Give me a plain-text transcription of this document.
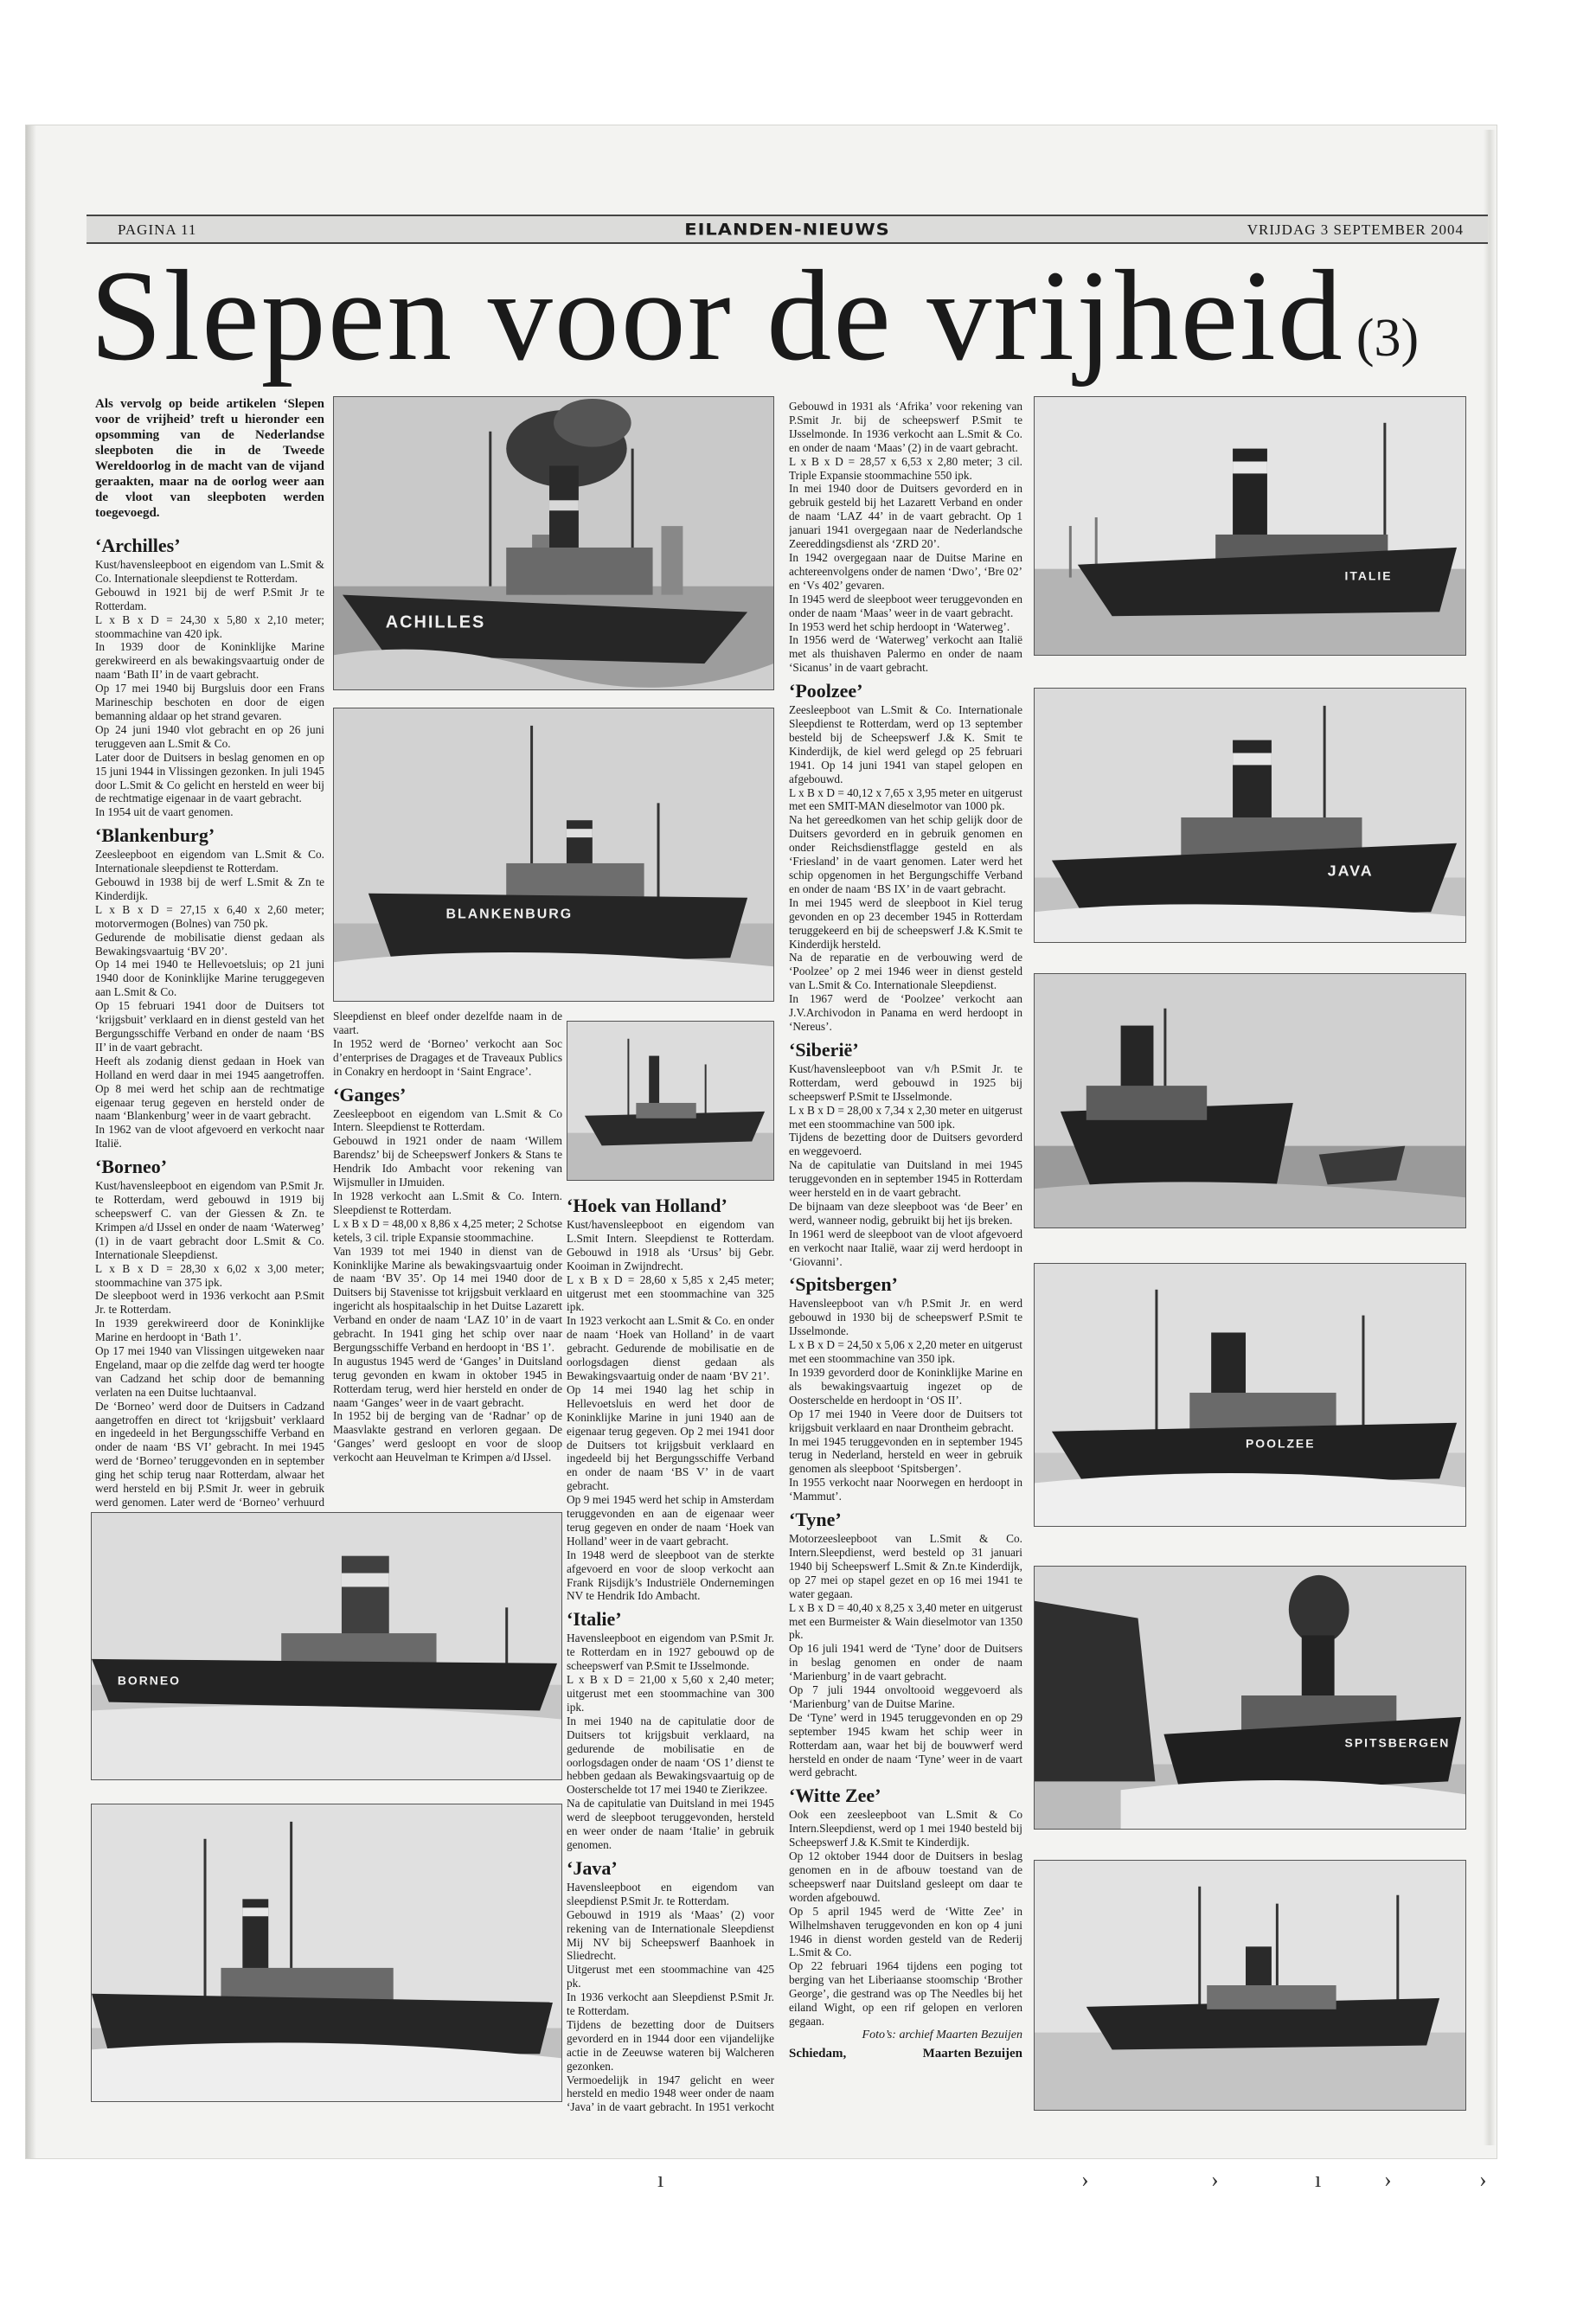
PAGINA 11	EILANDEN-NIEUWS	VRIJDAG 3 SEPTEMBER 2004
Slepen voor de vrijheid (3)

Als vervolg op beide artikelen ‘Slepen voor de vrijheid’ treft u hieronder een opsomming van de Nederlandse sleepboten die in de Tweede Wereldoorlog in de macht van de vijand geraakten, maar na de oorlog weer aan de vloot van sleepboten werden toegevoegd.

‘Archilles’

Kust/havensleepboot en eigendom van L.Smit & Co. Internationale sleepdienst te Rotterdam.

Gebouwd in 1921 bij de werf P.Smit Jr te Rotterdam.

L x B x D = 24,30 x 5,80 x 2,10 meter; stoommachine van 420 ipk.

In 1939 door de Koninklijke Marine gerekwireerd en als bewakingsvaartuig onder de naam ‘Bath II’ in de vaart gebracht.

Op 17 mei 1940 bij Burgsluis door een Frans Marineschip beschoten en door de eigen bemanning aldaar op het strand gevaren.

Op 24 juni 1940 vlot gebracht en op 26 juni teruggeven aan L.Smit & Co.

Later door de Duitsers in beslag genomen en op 15 juni 1944 in Vlissingen gezonken. In juli 1945 door L.Smit & Co gelicht en hersteld en weer bij de rechtmatige eigenaar in de vaart gebracht.

In 1954 uit de vaart genomen.

‘Blankenburg’

Zeesleepboot en eigendom van L.Smit & Co. Internationale sleepdienst te Rotterdam.

Gebouwd in 1938 bij de werf L.Smit & Zn te Kinderdijk.

L x B x D = 27,15 x 6,40 x 2,60 meter; motorvermogen (Bolnes) van 750 pk.

Gedurende de mobilisatie dienst gedaan als Bewakingsvaartuig ‘BV 20’.

Op 14 mei 1940 te Hellevoetsluis; op 21 juni 1940 door de Koninklijke Marine teruggegeven aan L.Smit & Co.

Op 15 februari 1941 door de Duitsers tot ‘krijgsbuit’ verklaard en in dienst gesteld van het Bergungsschiffe Verband en onder de naam ‘BS II’ in de vaart gebracht.

Heeft als zodanig dienst gedaan in Hoek van Holland en werd daar in mei 1945 aangetroffen. Op 8 mei werd het schip aan de rechtmatige eigenaar terug gegeven en hersteld onder de naam ‘Blankenburg’ weer in de vaart gebracht.

In 1962 van de vloot afgevoerd en verkocht naar Italië.

‘Borneo’

Kust/havensleepboot en eigendom van P.Smit Jr. te Rotterdam, werd gebouwd in 1919 bij scheepswerf C. van der Giessen & Zn. te Krimpen a/d IJssel en onder de naam ‘Waterweg’ (1) in de vaart gebracht door L.Smit & Co. Internationale Sleepdienst.

L x B x D = 28,30 x 6,02 x 3,00 meter; stoommachine van 375 ipk.

De sleepboot werd in 1936 verkocht aan P.Smit Jr. te Rotterdam.

In 1939 gerekwireerd door de Koninklijke Marine en herdoopt in ‘Bath 1’.

Op 17 mei 1940 van Vlissingen uitgeweken naar Engeland, maar op die zelfde dag werd ter hoogte van Cadzand het schip door de bemanning verlaten na een Duitse luchtaanval.

De ‘Borneo’ werd door de Duitsers in Cadzand aangetroffen en direct tot ‘krijgsbuit’ verklaard en ingedeeld in het Bergungsschiffe Verband en onder de naam ‘BS VI’ gebracht. In mei 1945 werd de ‘Borneo’ teruggevonden en in september ging het schip terug naar Rotterdam, alwaar het werd hersteld en bij P.Smit Jr. weer in gebruik werd genomen. Later werd de ‘Borneo’ verhuurd

Sleepdienst en bleef onder dezelfde naam in de vaart.

In 1952 werd de ‘Borneo’ verkocht aan Soc d’enterprises de Dragages et de Traveaux Publics in Conakry en herdoopt in ‘Saint Engrace’.

‘Ganges’

Zeesleepboot en eigendom van L.Smit & Co Intern. Sleepdienst te Rotterdam.

Gebouwd in 1921 onder de naam ‘Willem Barendsz’ bij de Scheepswerf Jonkers & Stans te Hendrik Ido Ambacht voor rekening van Wijsmuller in IJmuiden.

In 1928 verkocht aan L.Smit & Co. Intern. Sleepdienst te Rotterdam.

L x B x D = 48,00 x 8,86 x 4,25 meter; 2 Schotse ketels, 3 cil. triple Expansie stoommachine.

Van 1939 tot mei 1940 in dienst van de Koninklijke Marine als bewakingsvaartuig onder de naam ‘BV 35’. Op 14 mei 1940 door de Duitsers bij Stavenisse tot krijgsbuit verklaard en ingericht als hospitaalschip in het Duitse Lazarett Verband en onder de naam ‘LAZ 10’ in de vaart gebracht. In 1941 ging het schip over naar Bergungsschiffe Verband en herdoopt in ‘BS 1’.

In augustus 1945 werd de ‘Ganges’ in Duitsland terug gevonden en kwam in oktober 1945 in Rotterdam terug, werd hier hersteld en onder de naam ‘Ganges’ weer in de vaart gebracht.

In 1952 bij de berging van de ‘Radnar’ op de Maasvlakte gestrand en verloren gegaan. De ‘Ganges’ werd gesloopt en voor de sloop verkocht aan Heuvelman te Krimpen a/d IJssel.

‘Hoek van Holland’

Kust/havensleepboot en eigendom van L.Smit Intern. Sleepdienst te Rotterdam. Gebouwd in 1918 als ‘Ursus’ bij Gebr. Kooiman in Zwijndrecht.

L x B x D = 28,60 x 5,85 x 2,45 meter; uitgerust met een stoommachine van 325 ipk.

In 1923 verkocht aan L.Smit & Co. en onder de naam ‘Hoek van Holland’ in de vaart gebracht. Gedurende de mobilisatie en de oorlogsdagen dienst gedaan als Bewakingsvaartuig onder de naam ‘BV 21’.

Op 14 mei 1940 lag het schip in Hellevoetsluis en werd het door de Koninklijke Marine in juni 1940 aan de eigenaar terug gegeven. Op 2 mei 1941 door de Duitsers tot krijgsbuit verklaard en ingedeeld bij het Bergungsschiffe Verband en onder de naam ‘BS V’ in de vaart gebracht.

Op 9 mei 1945 werd het schip in Amsterdam teruggevonden en aan de eigenaar weer terug gegeven en onder de naam ‘Hoek van Holland’ weer in de vaart gebracht.

In 1948 werd de sleepboot van de sterkte afgevoerd en voor de sloop verkocht aan Frank Rijsdijk’s Industriële Ondernemingen NV te Hendrik Ido Ambacht.

‘Italie’

Havensleepboot en eigendom van P.Smit Jr. te Rotterdam en in 1927 gebouwd op de scheepswerf van P.Smit te IJsselmonde.

L x B x D = 21,00 x 5,60 x 2,40 meter; uitgerust met een stoommachine van 300 ipk.

In mei 1940 na de capitulatie door de Duitsers tot krijgsbuit verklaard, na gedurende de mobilisatie en de oorlogsdagen onder de naam ‘OS 1’ dienst te hebben gedaan als Bewakingsvaartuig op de Oosterschelde tot 17 mei 1940 te Zierikzee.

Na de capitulatie van Duitsland in mei 1945 werd de sleepboot teruggevonden, hersteld en weer onder de naam ‘Italie’ in gebruik genomen.

‘Java’

Havensleepboot en eigendom van sleepdienst P.Smit Jr. te Rotterdam.

Gebouwd in 1919 als ‘Maas’ (2) voor rekening van de Internationale Sleepdienst Mij NV bij Scheepswerf Baanhoek in Sliedrecht.

Uitgerust met een stoommachine van 425 pk.

In 1936 verkocht aan Sleepdienst P.Smit Jr. te Rotterdam.

Tijdens de bezetting door de Duitsers gevorderd en in 1944 door een vijandelijke actie in de Zeeuwse wateren bij Walcheren gezonken.

Vermoedelijk in 1947 gelicht en weer hersteld en medio 1948 weer onder de naam ‘Java’ in de vaart gebracht. In 1951 verkocht

Gebouwd in 1931 als ‘Afrika’ voor rekening van P.Smit Jr. bij de scheepswerf P.Smit te IJsselmonde. In 1936 verkocht aan L.Smit & Co. en onder de naam ‘Maas’ (2) in de vaart gebracht.

L x B x D = 28,57 x 6,53 x 2,80 meter; 3 cil. Triple Expansie stoommachine 550 ipk.

In mei 1940 door de Duitsers gevorderd en in gebruik gesteld bij het Lazarett Verband en onder de naam ‘LAZ 44’ in de vaart gebracht. Op 1 januari 1941 overgegaan naar de Nederlandsche Zeereddingsdienst als ‘ZRD 20’.

In 1942 overgegaan naar de Duitse Marine en achtereenvolgens onder de namen ‘Dwo’, ‘Bre 02’ en ‘Vs 402’ gevaren.

In 1945 werd de sleepboot weer teruggevonden en onder de naam ‘Maas’ weer in de vaart gebracht.

In 1953 werd het schip herdoopt in ‘Waterweg’.

In 1956 werd de ‘Waterweg’ verkocht aan Italië met als thuishaven Palermo en onder de naam ‘Sicanus’ in de vaart gebracht.

‘Poolzee’

Zeesleepboot van L.Smit & Co. Internationale Sleepdienst te Rotterdam, werd op 13 september besteld bij de Scheepswerf J.& K. Smit te Kinderdijk, de kiel werd gelegd op 25 februari 1941. Op 14 juni 1941 van stapel gelopen en afgebouwd.

L x B x D = 40,12 x 7,65 x 3,95 meter en uitgerust met een SMIT-MAN dieselmotor van 1000 pk.

Na het gereedkomen van het schip gelijk door de Duitsers gevorderd en in gebruik genomen en onder Reichsdienstflagge gesteld en als ‘Friesland’ in de vaart genomen. Later werd het schip opgenomen in het Bergungschiffe Verband en onder de naam ‘BS IX’ in de vaart gebracht.

In mei 1945 werd de sleepboot in Kiel terug gevonden en op 23 december 1945 in Rotterdam teruggekeerd en bij de scheepswerf J.& K.Smit te Kinderdijk hersteld.

Na de reparatie en de verbouwing werd de ‘Poolzee’ op 2 mei 1946 weer in dienst gesteld van L.Smit & Co. Internationale Sleepdienst.

In 1967 werd de ‘Poolzee’ verkocht aan J.V.Archivodon in Panama en werd herdoopt in ‘Nereus’.

‘Siberië’

Kust/havensleepboot van v/h P.Smit Jr. te Rotterdam, werd gebouwd in 1925 bij scheepswerf P.Smit te IJsselmonde.

L x B x D = 28,00 x 7,34 x 2,30 meter en uitgerust met een stoommachine van 500 ipk.

Tijdens de bezetting door de Duitsers gevorderd en weggevoerd.

Na de capitulatie van Duitsland in mei 1945 teruggevonden en in september 1945 in Rotterdam weer hersteld en in de vaart gebracht.

De bijnaam van deze sleepboot was ‘de Beer’ en werd, wanneer nodig, gebruikt bij het ijs breken.

In 1961 werd de sleepboot van de vloot afgevoerd en verkocht naar Italië, waar zij werd herdoopt in ‘Giovanni’.

‘Spitsbergen’

Havensleepboot van v/h P.Smit Jr. en werd gebouwd in 1930 bij de scheepswerf P.Smit te IJsselmonde.

L x B x D = 24,50 x 5,06 x 2,20 meter en uitgerust met een stoommachine van 350 ipk.

In 1939 gevorderd door de Koninklijke Marine en als bewakingsvaartuig ingezet op de Oosterschelde en herdoopt in ‘OS II’.

Op 17 mei 1940 in Veere door de Duitsers tot krijgsbuit verklaard en naar Drontheim gebracht.

In mei 1945 teruggevonden en in september 1945 terug in Nederland, hersteld en weer in gebruik genomen als sleepboot ‘Spitsbergen’.

In 1955 verkocht naar Noorwegen en herdoopt in ‘Mammut’.

‘Tyne’

Motorzeesleepboot van L.Smit & Co. Intern.Sleepdienst, werd besteld op 31 januari 1940 bij Scheepswerf L.Smit & Zn.te Kinderdijk, op 27 mei op stapel gezet en op 16 mei 1941 te water gegaan.

L x B x D = 40,40 x 8,25 x 3,40 meter en uitgerust met een Burmeister & Wain dieselmotor van 1350 pk.

Op 16 juli 1941 werd de ‘Tyne’ door de Duitsers in beslag genomen en onder de naam ‘Marienburg’ in de vaart gebracht.

Op 7 juli 1944 onvoltooid weggevoerd als ‘Marienburg’ van de Duitse Marine.

De ‘Tyne’ werd in 1945 teruggevonden en op 29 september 1945 kwam het schip weer in Rotterdam aan, waar het bij de bouwwerf werd hersteld en onder de naam ‘Tyne’ weer in de vaart werd gebracht.

‘Witte Zee’

Ook een zeesleepboot van L.Smit & Co Intern.Sleepdienst, werd op 1 mei 1940 besteld bij Scheepswerf J.& K.Smit te Kinderdijk.

Op 12 oktober 1944 door de Duitsers in beslag genomen en in de afbouw toestand van de scheepswerf naar Duitsland gesleept om daar te worden afgebouwd.

Op 5 april 1945 werd de ‘Witte Zee’ in Wilhelmshaven teruggevonden en kon op 4 juni 1946 in dienst worden gesteld van de Rederij L.Smit & Co.

Op 22 februari 1964 tijdens een poging tot berging van het Liberiaanse stoomschip ‘Brother George’, die gestrand was op The Needles bij het eiland Wight, op een rif gelopen en verloren gegaan.

Foto’s: archief Maarten Bezuijen

Schiedam,	Maarten Bezuijen
ACHILLES
BLANKENBURG
ITALIE
JAVA
POOLZEE
SPITSBERGEN
BORNEO
ı	›	›	ı	›	›
